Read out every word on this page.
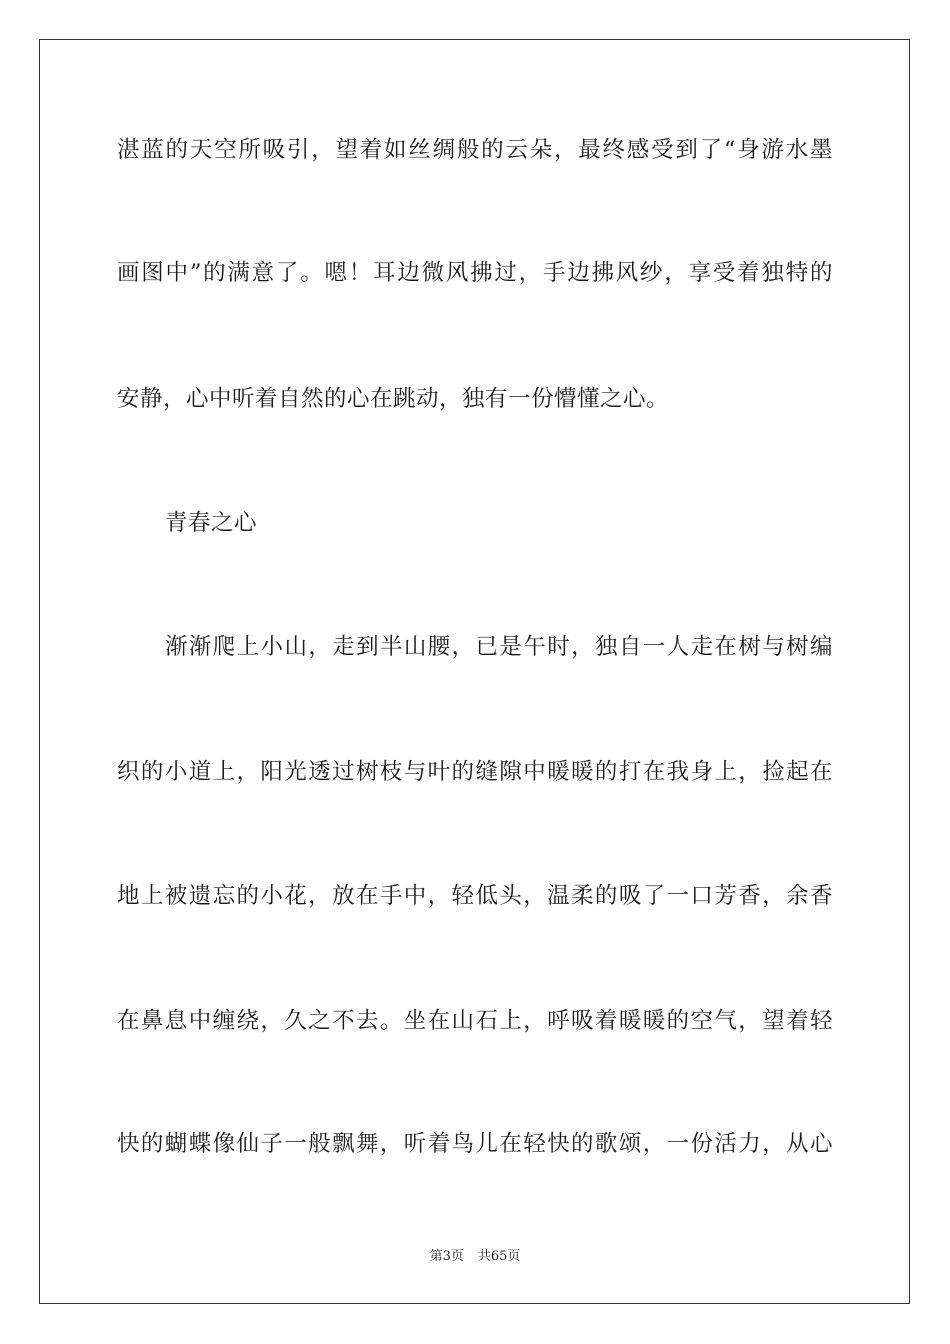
湛蓝的天空所吸引，望着如丝绸般的云朵，最终感受到了“身游水墨
画图中”的满意了。嗯！耳边微风拂过，手边拂风纱，享受着独特的
安静，心中听着自然的心在跳动，独有一份懵懂之心。
青春之心
渐渐爬上小山，走到半山腰，已是午时，独自一人走在树与树编
织的小道上，阳光透过树枝与叶的缝隙中暖暖的打在我身上，捡起在
地上被遗忘的小花，放在手中，轻低头，温柔的吸了一口芳香，余香
在鼻息中缠绕，久之不去。坐在山石上，呼吸着暖暖的空气，望着轻
快的蝴蝶像仙子一般飘舞，听着鸟儿在轻快的歌颂，一份活力，从心
第3页 共65页
